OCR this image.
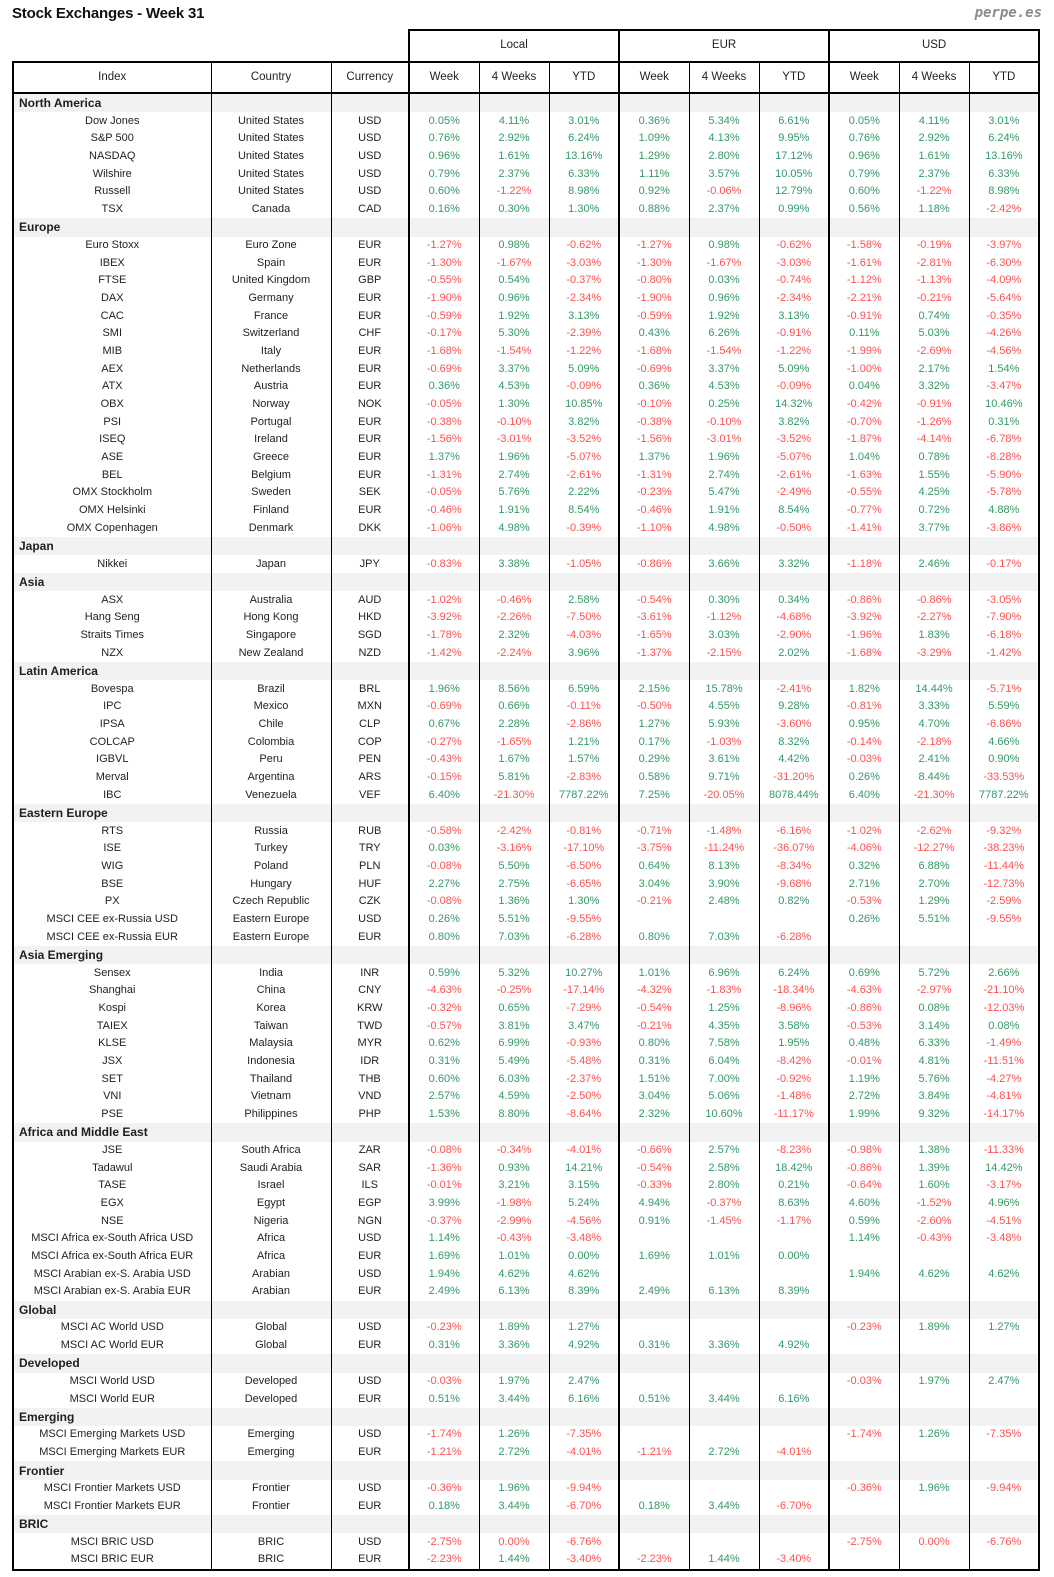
Stock Exchanges - Week 31	perpe.es
			Local			EUR			USD		
Index	Country	Currency	Week	4 Weeks	YTD	Week	4 Weeks	YTD	Week	4 Weeks	YTD
North America											
Dow Jones	United States	USD	0.05%	4.11%	3.01%	0.36%	5.34%	6.61%	0.05%	4.11%	3.01%
S&P 500	United States	USD	0.76%	2.92%	6.24%	1.09%	4.13%	9.95%	0.76%	2.92%	6.24%
NASDAQ	United States	USD	0.96%	1.61%	13.16%	1.29%	2.80%	17.12%	0.96%	1.61%	13.16%
Wilshire	United States	USD	0.79%	2.37%	6.33%	1.11%	3.57%	10.05%	0.79%	2.37%	6.33%
Russell	United States	USD	0.60%	-1.22%	8.98%	0.92%	-0.06%	12.79%	0.60%	-1.22%	8.98%
TSX	Canada	CAD	0.16%	0.30%	1.30%	0.88%	2.37%	0.99%	0.56%	1.18%	-2.42%
Europe											
Euro Stoxx	Euro Zone	EUR	-1.27%	0.98%	-0.62%	-1.27%	0.98%	-0.62%	-1.58%	-0.19%	-3.97%
IBEX	Spain	EUR	-1.30%	-1.67%	-3.03%	-1.30%	-1.67%	-3.03%	-1.61%	-2.81%	-6.30%
FTSE	United Kingdom	GBP	-0.55%	0.54%	-0.37%	-0.80%	0.03%	-0.74%	-1.12%	-1.13%	-4.09%
DAX	Germany	EUR	-1.90%	0.96%	-2.34%	-1.90%	0.96%	-2.34%	-2.21%	-0.21%	-5.64%
CAC	France	EUR	-0.59%	1.92%	3.13%	-0.59%	1.92%	3.13%	-0.91%	0.74%	-0.35%
SMI	Switzerland	CHF	-0.17%	5.30%	-2.39%	0.43%	6.26%	-0.91%	0.11%	5.03%	-4.26%
MIB	Italy	EUR	-1.68%	-1.54%	-1.22%	-1.68%	-1.54%	-1.22%	-1.99%	-2.69%	-4.56%
AEX	Netherlands	EUR	-0.69%	3.37%	5.09%	-0.69%	3.37%	5.09%	-1.00%	2.17%	1.54%
ATX	Austria	EUR	0.36%	4.53%	-0.09%	0.36%	4.53%	-0.09%	0.04%	3.32%	-3.47%
OBX	Norway	NOK	-0.05%	1.30%	10.85%	-0.10%	0.25%	14.32%	-0.42%	-0.91%	10.46%
PSI	Portugal	EUR	-0.38%	-0.10%	3.82%	-0.38%	-0.10%	3.82%	-0.70%	-1.26%	0.31%
ISEQ	Ireland	EUR	-1.56%	-3.01%	-3.52%	-1.56%	-3.01%	-3.52%	-1.87%	-4.14%	-6.78%
ASE	Greece	EUR	1.37%	1.96%	-5.07%	1.37%	1.96%	-5.07%	1.04%	0.78%	-8.28%
BEL	Belgium	EUR	-1.31%	2.74%	-2.61%	-1.31%	2.74%	-2.61%	-1.63%	1.55%	-5.90%
OMX Stockholm	Sweden	SEK	-0.05%	5.76%	2.22%	-0.23%	5.47%	-2.49%	-0.55%	4.25%	-5.78%
OMX Helsinki	Finland	EUR	-0.46%	1.91%	8.54%	-0.46%	1.91%	8.54%	-0.77%	0.72%	4.88%
OMX Copenhagen	Denmark	DKK	-1.06%	4.98%	-0.39%	-1.10%	4.98%	-0.50%	-1.41%	3.77%	-3.86%
Japan											
Nikkei	Japan	JPY	-0.83%	3.38%	-1.05%	-0.86%	3.66%	3.32%	-1.18%	2.46%	-0.17%
Asia											
ASX	Australia	AUD	-1.02%	-0.46%	2.58%	-0.54%	0.30%	0.34%	-0.86%	-0.86%	-3.05%
Hang Seng	Hong Kong	HKD	-3.92%	-2.26%	-7.50%	-3.61%	-1.12%	-4.68%	-3.92%	-2.27%	-7.90%
Straits Times	Singapore	SGD	-1.78%	2.32%	-4.03%	-1.65%	3.03%	-2.90%	-1.96%	1.83%	-6.18%
NZX	New Zealand	NZD	-1.42%	-2.24%	3.96%	-1.37%	-2.15%	2.02%	-1.68%	-3.29%	-1.42%
Latin America											
Bovespa	Brazil	BRL	1.96%	8.56%	6.59%	2.15%	15.78%	-2.41%	1.82%	14.44%	-5.71%
IPC	Mexico	MXN	-0.69%	0.66%	-0.11%	-0.50%	4.55%	9.28%	-0.81%	3.33%	5.59%
IPSA	Chile	CLP	0.67%	2.28%	-2.86%	1.27%	5.93%	-3.60%	0.95%	4.70%	-6.86%
COLCAP	Colombia	COP	-0.27%	-1.65%	1.21%	0.17%	-1.03%	8.32%	-0.14%	-2.18%	4.66%
IGBVL	Peru	PEN	-0.43%	1.67%	1.57%	0.29%	3.61%	4.42%	-0.03%	2.41%	0.90%
Merval	Argentina	ARS	-0.15%	5.81%	-2.83%	0.58%	9.71%	-31.20%	0.26%	8.44%	-33.53%
IBC	Venezuela	VEF	6.40%	-21.30%	7787.22%	7.25%	-20.05%	8078.44%	6.40%	-21.30%	7787.22%
Eastern Europe											
RTS	Russia	RUB	-0.58%	-2.42%	-0.81%	-0.71%	-1.48%	-6.16%	-1.02%	-2.62%	-9.32%
ISE	Turkey	TRY	0.03%	-3.16%	-17.10%	-3.75%	-11.24%	-36.07%	-4.06%	-12.27%	-38.23%
WIG	Poland	PLN	-0.08%	5.50%	-6.50%	0.64%	8.13%	-8.34%	0.32%	6.88%	-11.44%
BSE	Hungary	HUF	2.27%	2.75%	-6.65%	3.04%	3.90%	-9.68%	2.71%	2.70%	-12.73%
PX	Czech Republic	CZK	-0.08%	1.36%	1.30%	-0.21%	2.48%	0.82%	-0.53%	1.29%	-2.59%
MSCI CEE ex-Russia USD	Eastern Europe	USD	0.26%	5.51%	-9.55%				0.26%	5.51%	-9.55%
MSCI CEE ex-Russia EUR	Eastern Europe	EUR	0.80%	7.03%	-6.28%	0.80%	7.03%	-6.28%			
Asia Emerging											
Sensex	India	INR	0.59%	5.32%	10.27%	1.01%	6.96%	6.24%	0.69%	5.72%	2.66%
Shanghai	China	CNY	-4.63%	-0.25%	-17.14%	-4.32%	-1.83%	-18.34%	-4.63%	-2.97%	-21.10%
Kospi	Korea	KRW	-0.32%	0.65%	-7.29%	-0.54%	1.25%	-8.96%	-0.86%	0.08%	-12.03%
TAIEX	Taiwan	TWD	-0.57%	3.81%	3.47%	-0.21%	4.35%	3.58%	-0.53%	3.14%	0.08%
KLSE	Malaysia	MYR	0.62%	6.99%	-0.93%	0.80%	7.58%	1.95%	0.48%	6.33%	-1.49%
JSX	Indonesia	IDR	0.31%	5.49%	-5.48%	0.31%	6.04%	-8.42%	-0.01%	4.81%	-11.51%
SET	Thailand	THB	0.60%	6.03%	-2.37%	1.51%	7.00%	-0.92%	1.19%	5.76%	-4.27%
VNI	Vietnam	VND	2.57%	4.59%	-2.50%	3.04%	5.06%	-1.48%	2.72%	3.84%	-4.81%
PSE	Philippines	PHP	1.53%	8.80%	-8.64%	2.32%	10.60%	-11.17%	1.99%	9.32%	-14.17%
Africa and Middle East											
JSE	South Africa	ZAR	-0.08%	-0.34%	-4.01%	-0.66%	2.57%	-8.23%	-0.98%	1.38%	-11.33%
Tadawul	Saudi Arabia	SAR	-1.36%	0.93%	14.21%	-0.54%	2.58%	18.42%	-0.86%	1.39%	14.42%
TASE	Israel	ILS	-0.01%	3.21%	3.15%	-0.33%	2.80%	0.21%	-0.64%	1.60%	-3.17%
EGX	Egypt	EGP	3.99%	-1.98%	5.24%	4.94%	-0.37%	8.63%	4.60%	-1.52%	4.96%
NSE	Nigeria	NGN	-0.37%	-2.99%	-4.56%	0.91%	-1.45%	-1.17%	0.59%	-2.60%	-4.51%
MSCI Africa ex-South Africa USD	Africa	USD	1.14%	-0.43%	-3.48%				1.14%	-0.43%	-3.48%
MSCI Africa ex-South Africa EUR	Africa	EUR	1.69%	1.01%	0.00%	1.69%	1.01%	0.00%			
MSCI Arabian ex-S. Arabia USD	Arabian	USD	1.94%	4.62%	4.62%				1.94%	4.62%	4.62%
MSCI Arabian ex-S. Arabia EUR	Arabian	EUR	2.49%	6.13%	8.39%	2.49%	6.13%	8.39%			
Global											
MSCI AC World USD	Global	USD	-0.23%	1.89%	1.27%				-0.23%	1.89%	1.27%
MSCI AC World EUR	Global	EUR	0.31%	3.36%	4.92%	0.31%	3.36%	4.92%			
Developed											
MSCI World USD	Developed	USD	-0.03%	1.97%	2.47%				-0.03%	1.97%	2.47%
MSCI World EUR	Developed	EUR	0.51%	3.44%	6.16%	0.51%	3.44%	6.16%			
Emerging											
MSCI Emerging Markets USD	Emerging	USD	-1.74%	1.26%	-7.35%				-1.74%	1.26%	-7.35%
MSCI Emerging Markets EUR	Emerging	EUR	-1.21%	2.72%	-4.01%	-1.21%	2.72%	-4.01%			
Frontier											
MSCI Frontier Markets USD	Frontier	USD	-0.36%	1.96%	-9.94%				-0.36%	1.96%	-9.94%
MSCI Frontier Markets EUR	Frontier	EUR	0.18%	3.44%	-6.70%	0.18%	3.44%	-6.70%			
BRIC											
MSCI BRIC USD	BRIC	USD	-2.75%	0.00%	-6.76%				-2.75%	0.00%	-6.76%
MSCI BRIC EUR	BRIC	EUR	-2.23%	1.44%	-3.40%	-2.23%	1.44%	-3.40%			
